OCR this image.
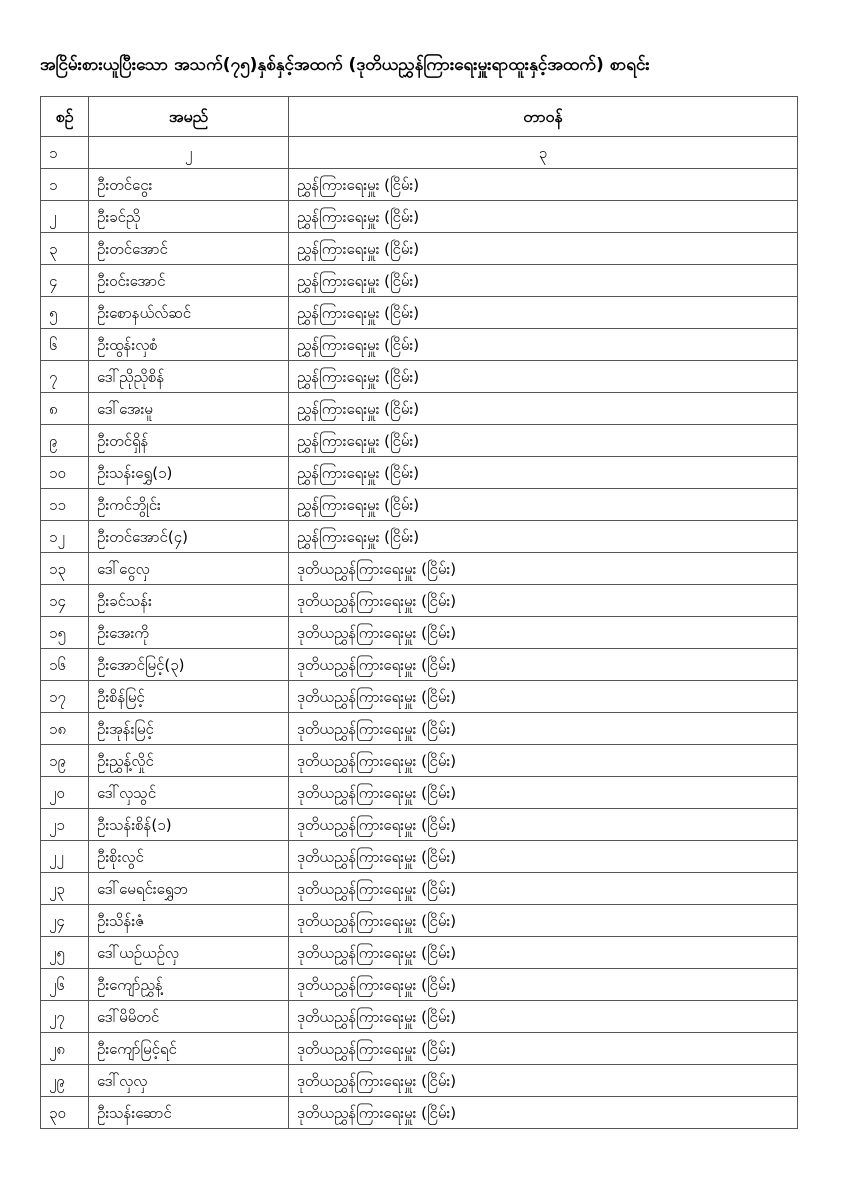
အငြိမ်းစားယူပြီးသော အသက်(၇၅)နှစ်နှင့်အထက် (ဒုတိယညွှန်ကြားရေးမှူးရာထူးနှင့်အထက်) စာရင်း
စဉ်	အမည်	တာဝန်
၁	၂	၃
၁	ဦးတင်ငွေး	ညွှန်ကြားရေးမှူး (ငြိမ်း)
၂	ဦးခင်ညို	ညွှန်ကြားရေးမှူး (ငြိမ်း)
၃	ဦးတင်အောင်	ညွှန်ကြားရေးမှူး (ငြိမ်း)
၄	ဦးဝင်းအောင်	ညွှန်ကြားရေးမှူး (ငြိမ်း)
၅	ဦးစောနယ်လ်ဆင်	ညွှန်ကြားရေးမှူး (ငြိမ်း)
၆	ဦးထွန်းလှစံ	ညွှန်ကြားရေးမှူး (ငြိမ်း)
၇	ဒေါ်ညိုညိုစိန်	ညွှန်ကြားရေးမှူး (ငြိမ်း)
၈	ဒေါ်အေးမူ	ညွှန်ကြားရေးမှူး (ငြိမ်း)
၉	ဦးတင်ရှိန်	ညွှန်ကြားရေးမှူး (ငြိမ်း)
၁၀	ဦးသန်းရွှေ(၁)	ညွှန်ကြားရေးမှူး (ငြိမ်း)
၁၁	ဦးကင်ဘွိုင်း	ညွှန်ကြားရေးမှူး (ငြိမ်း)
၁၂	ဦးတင်အောင်(၄)	ညွှန်ကြားရေးမှူး (ငြိမ်း)
၁၃	ဒေါ်ငွေလှ	ဒုတိယညွှန်ကြားရေးမှူး (ငြိမ်း)
၁၄	ဦးခင်သန်း	ဒုတိယညွှန်ကြားရေးမှူး (ငြိမ်း)
၁၅	ဦးအေးကို	ဒုတိယညွှန်ကြားရေးမှူး (ငြိမ်း)
၁၆	ဦးအောင်မြင့်(၃)	ဒုတိယညွှန်ကြားရေးမှူး (ငြိမ်း)
၁၇	ဦးစိန်မြင့်	ဒုတိယညွှန်ကြားရေးမှူး (ငြိမ်း)
၁၈	ဦးအုန်းမြင့်	ဒုတိယညွှန်ကြားရေးမှူး (ငြိမ်း)
၁၉	ဦးညွှန့်လှိုင်	ဒုတိယညွှန်ကြားရေးမှူး (ငြိမ်း)
၂၀	ဒေါ်လှသွင်	ဒုတိယညွှန်ကြားရေးမှူး (ငြိမ်း)
၂၁	ဦးသန်းစိန်(၁)	ဒုတိယညွှန်ကြားရေးမှူး (ငြိမ်း)
၂၂	ဦးစိုးလွင်	ဒုတိယညွှန်ကြားရေးမှူး (ငြိမ်း)
၂၃	ဒေါ်မေရင်းရွှေဘ	ဒုတိယညွှန်ကြားရေးမှူး (ငြိမ်း)
၂၄	ဦးသိန်းဇံ	ဒုတိယညွှန်ကြားရေးမှူး (ငြိမ်း)
၂၅	ဒေါ်ယဉ်ယဉ်လှ	ဒုတိယညွှန်ကြားရေးမှူး (ငြိမ်း)
၂၆	ဦးကျော်ညွှန့်	ဒုတိယညွှန်ကြားရေးမှူး (ငြိမ်း)
၂၇	ဒေါ်မိမိတင်	ဒုတိယညွှန်ကြားရေးမှူး (ငြိမ်း)
၂၈	ဦးကျော်မြင့်ရင်	ဒုတိယညွှန်ကြားရေးမှူး (ငြိမ်း)
၂၉	ဒေါ်လှလှ	ဒုတိယညွှန်ကြားရေးမှူး (ငြိမ်း)
၃၀	ဦးသန်းဆောင်	ဒုတိယညွှန်ကြားရေးမှူး (ငြိမ်း)
